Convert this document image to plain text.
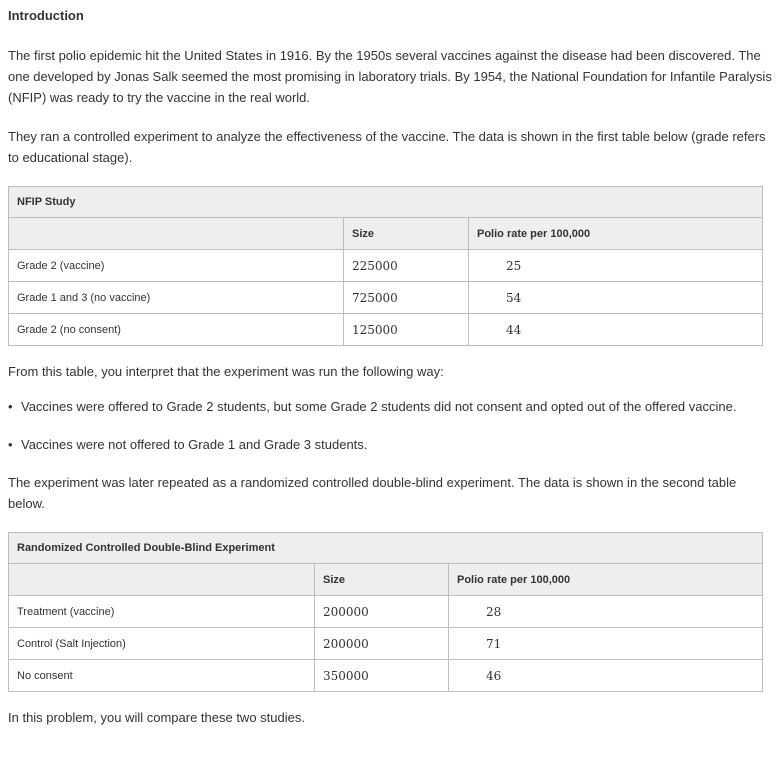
Introduction

The first polio epidemic hit the United States in 1916. By the 1950s several vaccines against the disease had been discovered. The one developed by Jonas Salk seemed the most promising in laboratory trials. By 1954, the National Foundation for Infantile Paralysis (NFIP) was ready to try the vaccine in the real world.

They ran a controlled experiment to analyze the effectiveness of the vaccine. The data is shown in the first table below (grade refers to educational stage).

NFIP Study		
	Size	Polio rate per 100,000
Grade 2 (vaccine)	225000	25
Grade 1 and 3 (no vaccine)	725000	54
Grade 2 (no consent)	125000	44

From this table, you interpret that the experiment was run the following way:

• Vaccines were offered to Grade 2 students, but some Grade 2 students did not consent and opted out of the offered vaccine.
• Vaccines were not offered to Grade 1 and Grade 3 students.

The experiment was later repeated as a randomized controlled double-blind experiment. The data is shown in the second table below.

Randomized Controlled Double-Blind Experiment		
	Size	Polio rate per 100,000
Treatment (vaccine)	200000	28
Control (Salt Injection)	200000	71
No consent	350000	46

In this problem, you will compare these two studies.
